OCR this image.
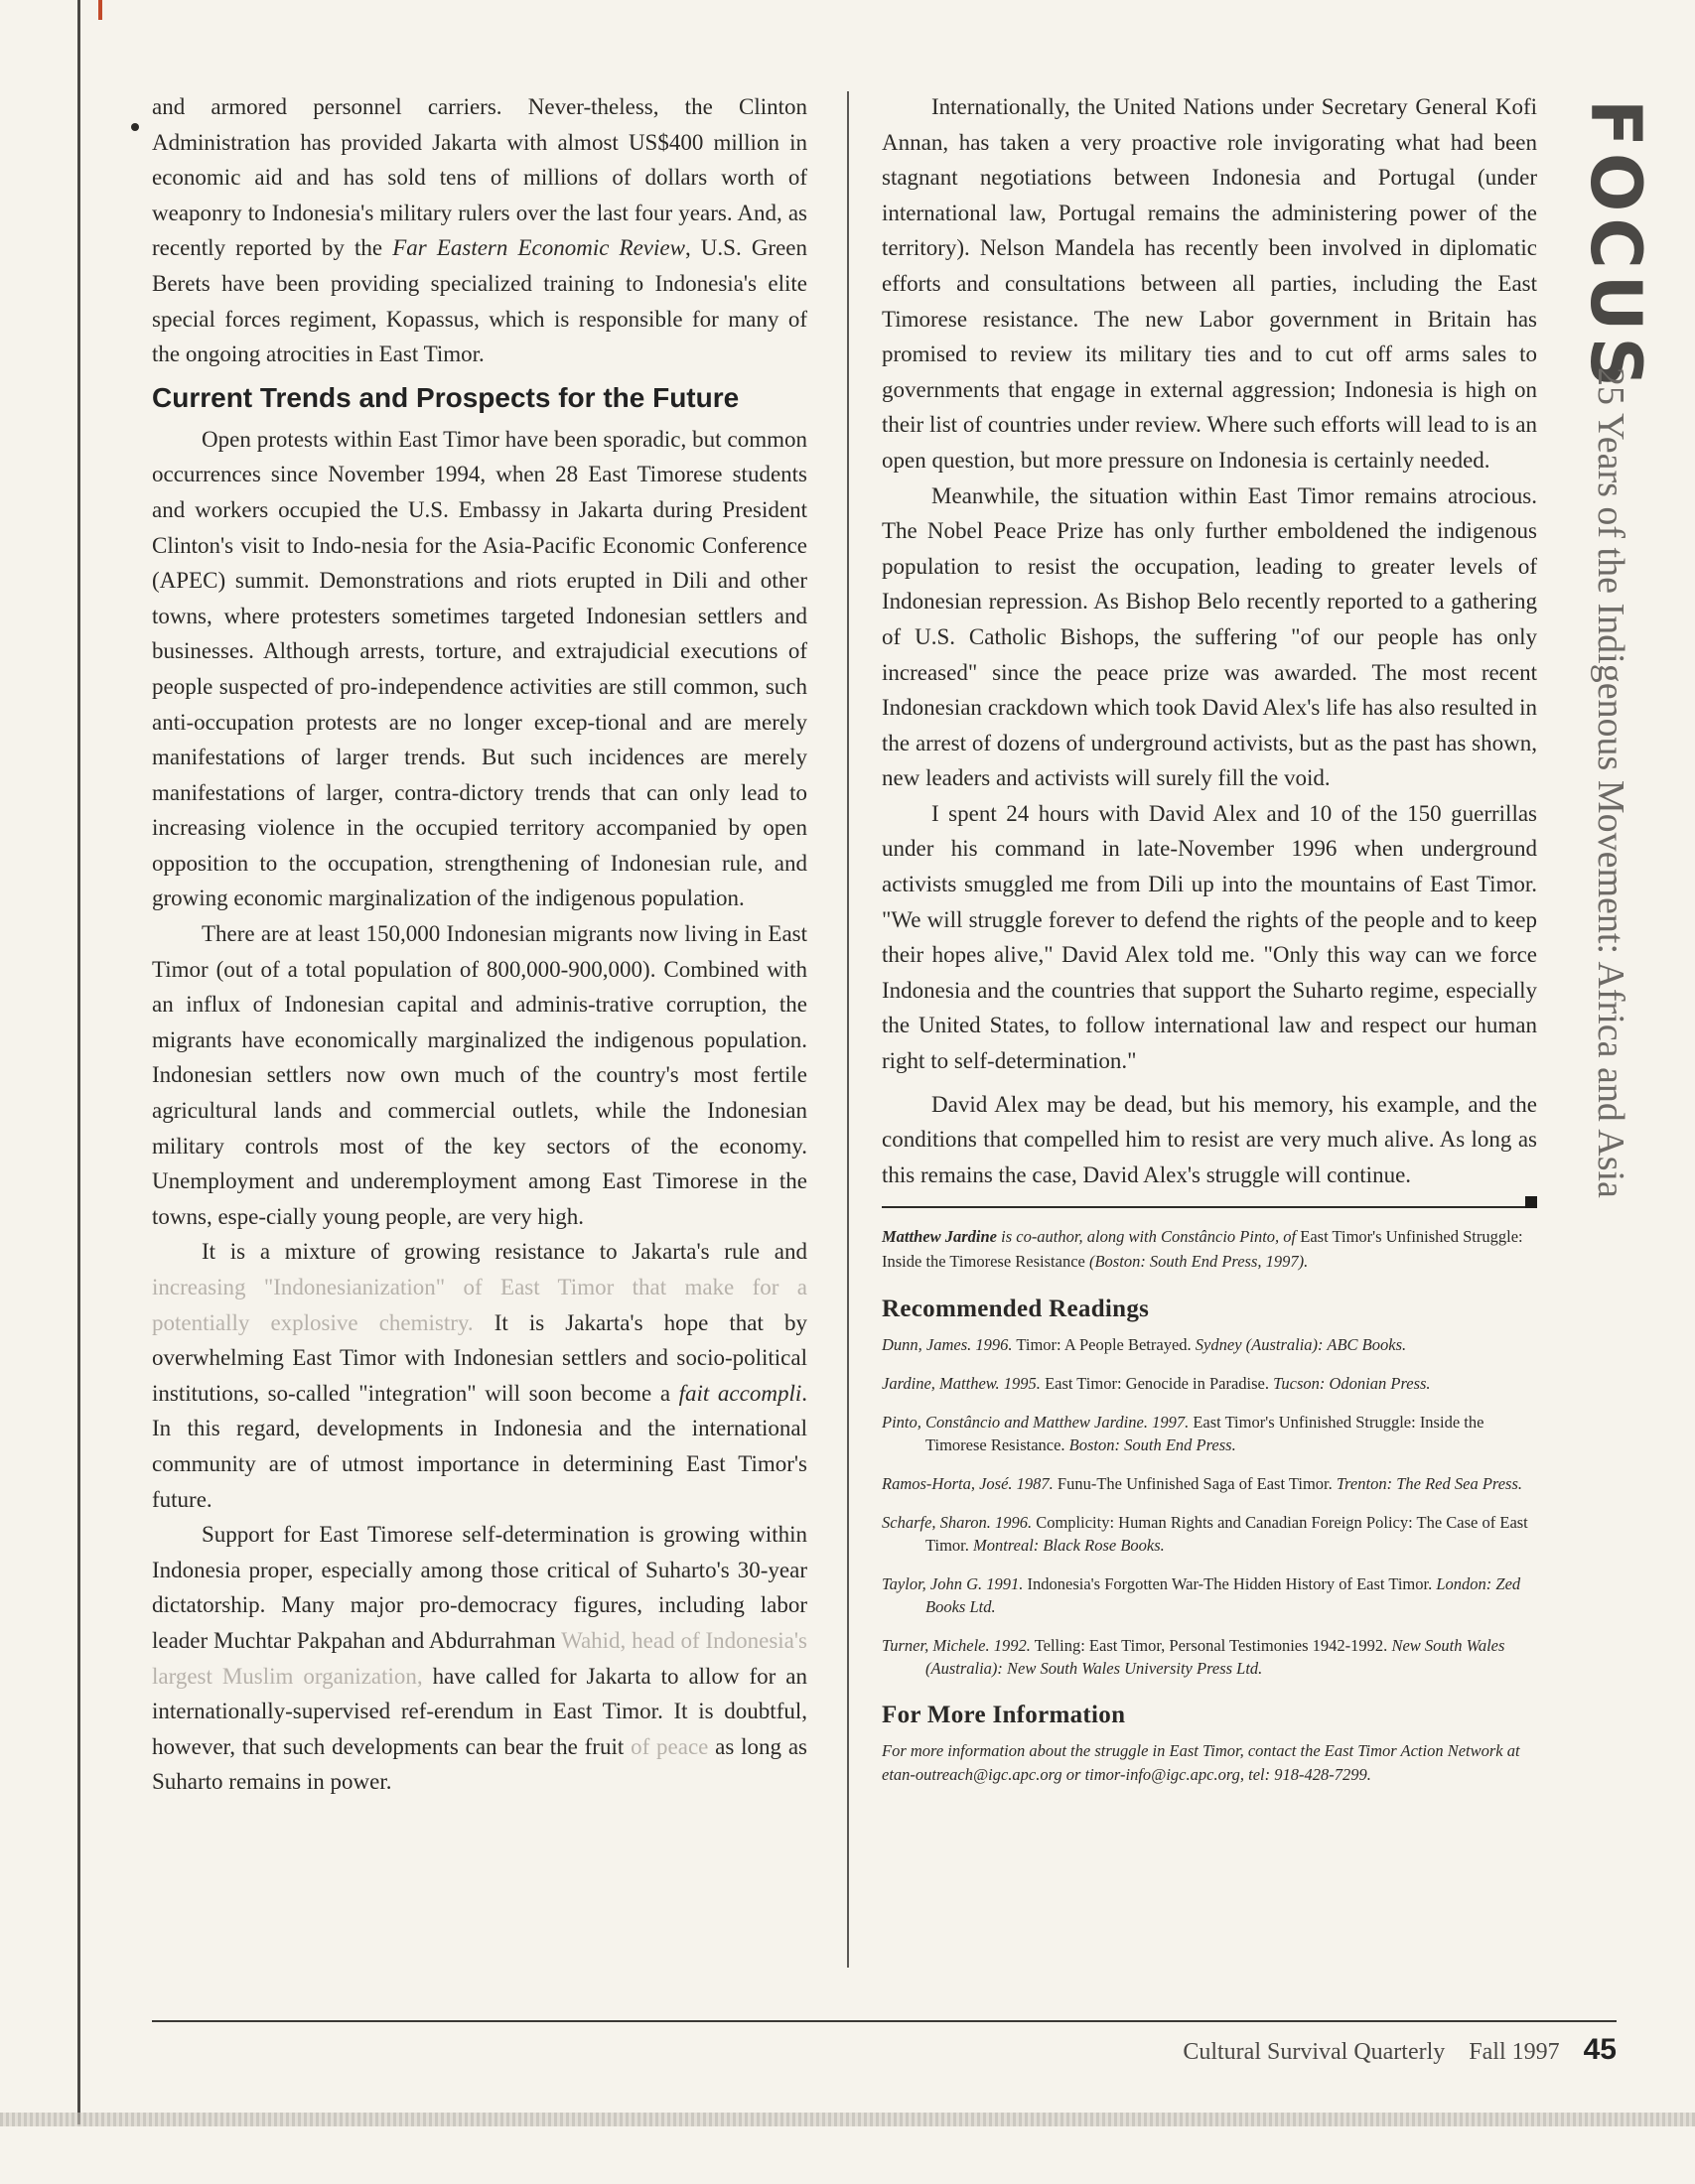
and armored personnel carriers. Never-theless, the Clinton Administration has provided Jakarta with almost US$400 million in economic aid and has sold tens of millions of dollars worth of weaponry to Indonesia's military rulers over the last four years. And, as recently reported by the Far Eastern Economic Review, U.S. Green Berets have been providing specialized training to Indonesia's elite special forces regiment, Kopassus, which is responsible for many of the ongoing atrocities in East Timor.

Current Trends and Prospects for the Future

Open protests within East Timor have been sporadic, but common occurrences since November 1994, when 28 East Timorese students and workers occupied the U.S. Embassy in Jakarta during President Clinton's visit to Indo-nesia for the Asia-Pacific Economic Conference (APEC) summit. Demonstrations and riots erupted in Dili and other towns, where protesters sometimes targeted Indonesian settlers and businesses. Although arrests, torture, and extrajudicial executions of people suspected of pro-independence activities are still common, such anti-occupation protests are no longer excep-tional and are merely manifestations of larger trends. But such incidences are merely manifestations of larger, contra-dictory trends that can only lead to increasing violence in the occupied territory accompanied by open opposition to the occupation, strengthening of Indonesian rule, and growing economic marginalization of the indigenous population.

There are at least 150,000 Indonesian migrants now living in East Timor (out of a total population of 800,000-900,000). Combined with an influx of Indonesian capital and adminis-trative corruption, the migrants have economically marginalized the indigenous population. Indonesian settlers now own much of the country's most fertile agricultural lands and commercial outlets, while the Indonesian military controls most of the key sectors of the economy. Unemployment and underemployment among East Timorese in the towns, espe-cially young people, are very high.

It is a mixture of growing resistance to Jakarta's rule and increasing "Indonesianization" of East Timor that make for a potentially explosive chemistry. It is Jakarta's hope that by overwhelming East Timor with Indonesian settlers and socio-political institutions, so-called "integration" will soon become a fait accompli. In this regard, developments in Indonesia and the international community are of utmost importance in determining East Timor's future.

Support for East Timorese self-determination is growing within Indonesia proper, especially among those critical of Suharto's 30-year dictatorship. Many major pro-democracy figures, including labor leader Muchtar Pakpahan and Abdurrahman Wahid, head of Indonesia's largest Muslim organization, have called for Jakarta to allow for an internationally-supervised ref-erendum in East Timor. It is doubtful, however, that such developments can bear the fruit of peace as long as Suharto remains in power.

Internationally, the United Nations under Secretary General Kofi Annan, has taken a very proactive role invigorating what had been stagnant negotiations between Indonesia and Portugal (under international law, Portugal remains the administering power of the territory). Nelson Mandela has recently been involved in diplomatic efforts and consultations between all parties, including the East Timorese resistance. The new Labor government in Britain has promised to review its military ties and to cut off arms sales to governments that engage in external aggression; Indonesia is high on their list of countries under review. Where such efforts will lead to is an open question, but more pressure on Indonesia is certainly needed.

Meanwhile, the situation within East Timor remains atrocious. The Nobel Peace Prize has only further emboldened the indigenous population to resist the occupation, leading to greater levels of Indonesian repression. As Bishop Belo recently reported to a gathering of U.S. Catholic Bishops, the suffering "of our people has only increased" since the peace prize was awarded. The most recent Indonesian crackdown which took David Alex's life has also resulted in the arrest of dozens of underground activists, but as the past has shown, new leaders and activists will surely fill the void.

I spent 24 hours with David Alex and 10 of the 150 guerrillas under his command in late-November 1996 when underground activists smuggled me from Dili up into the mountains of East Timor. "We will struggle forever to defend the rights of the people and to keep their hopes alive," David Alex told me. "Only this way can we force Indonesia and the countries that support the Suharto regime, especially the United States, to follow international law and respect our human right to self-determination."

David Alex may be dead, but his memory, his example, and the conditions that compelled him to resist are very much alive. As long as this remains the case, David Alex's struggle will continue.

Matthew Jardine is co-author, along with Constâncio Pinto, of East Timor's Unfinished Struggle: Inside the Timorese Resistance (Boston: South End Press, 1997).
Recommended Readings
Dunn, James. 1996. Timor: A People Betrayed. Sydney (Australia): ABC Books.
Jardine, Matthew. 1995. East Timor: Genocide in Paradise. Tucson: Odonian Press.
Pinto, Constâncio and Matthew Jardine. 1997. East Timor's Unfinished Struggle: Inside the Timorese Resistance. Boston: South End Press.
Ramos-Horta, José. 1987. Funu-The Unfinished Saga of East Timor. Trenton: The Red Sea Press.
Scharfe, Sharon. 1996. Complicity: Human Rights and Canadian Foreign Policy: The Case of East Timor. Montreal: Black Rose Books.
Taylor, John G. 1991. Indonesia's Forgotten War-The Hidden History of East Timor. London: Zed Books Ltd.
Turner, Michele. 1992. Telling: East Timor, Personal Testimonies 1942-1992. New South Wales (Australia): New South Wales University Press Ltd.
For More Information
For more information about the struggle in East Timor, contact the East Timor Action Network at etan-outreach@igc.apc.org or timor-info@igc.apc.org, tel: 918-428-7299.
FOCUS
25 Years of the Indigenous Movement: Africa and Asia
Cultural Survival Quarterly Fall 1997 45
